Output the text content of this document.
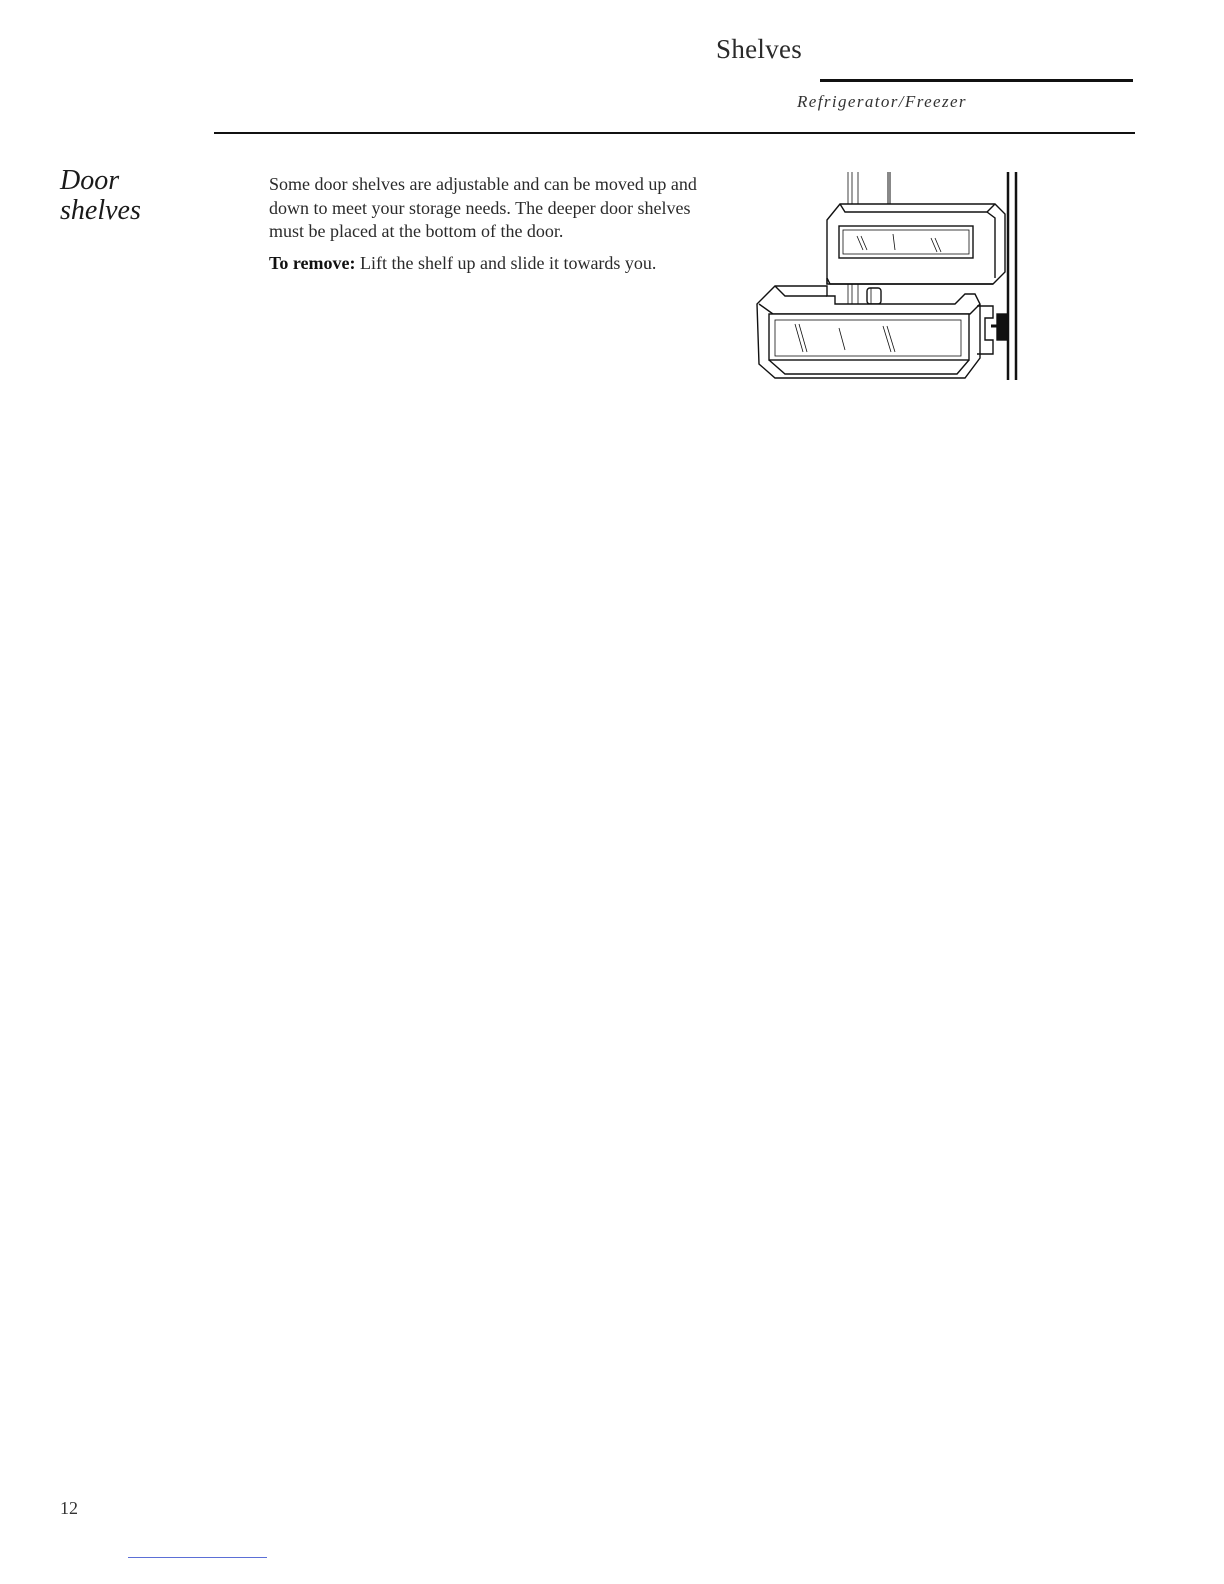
Shelves
Refrigerator/Freezer
Door
shelves

Some door shelves are adjustable and can be moved up and down to meet your storage needs. The deeper door shelves must be placed at the bottom of the door.

To remove: Lift the shelf up and slide it towards you.

12
